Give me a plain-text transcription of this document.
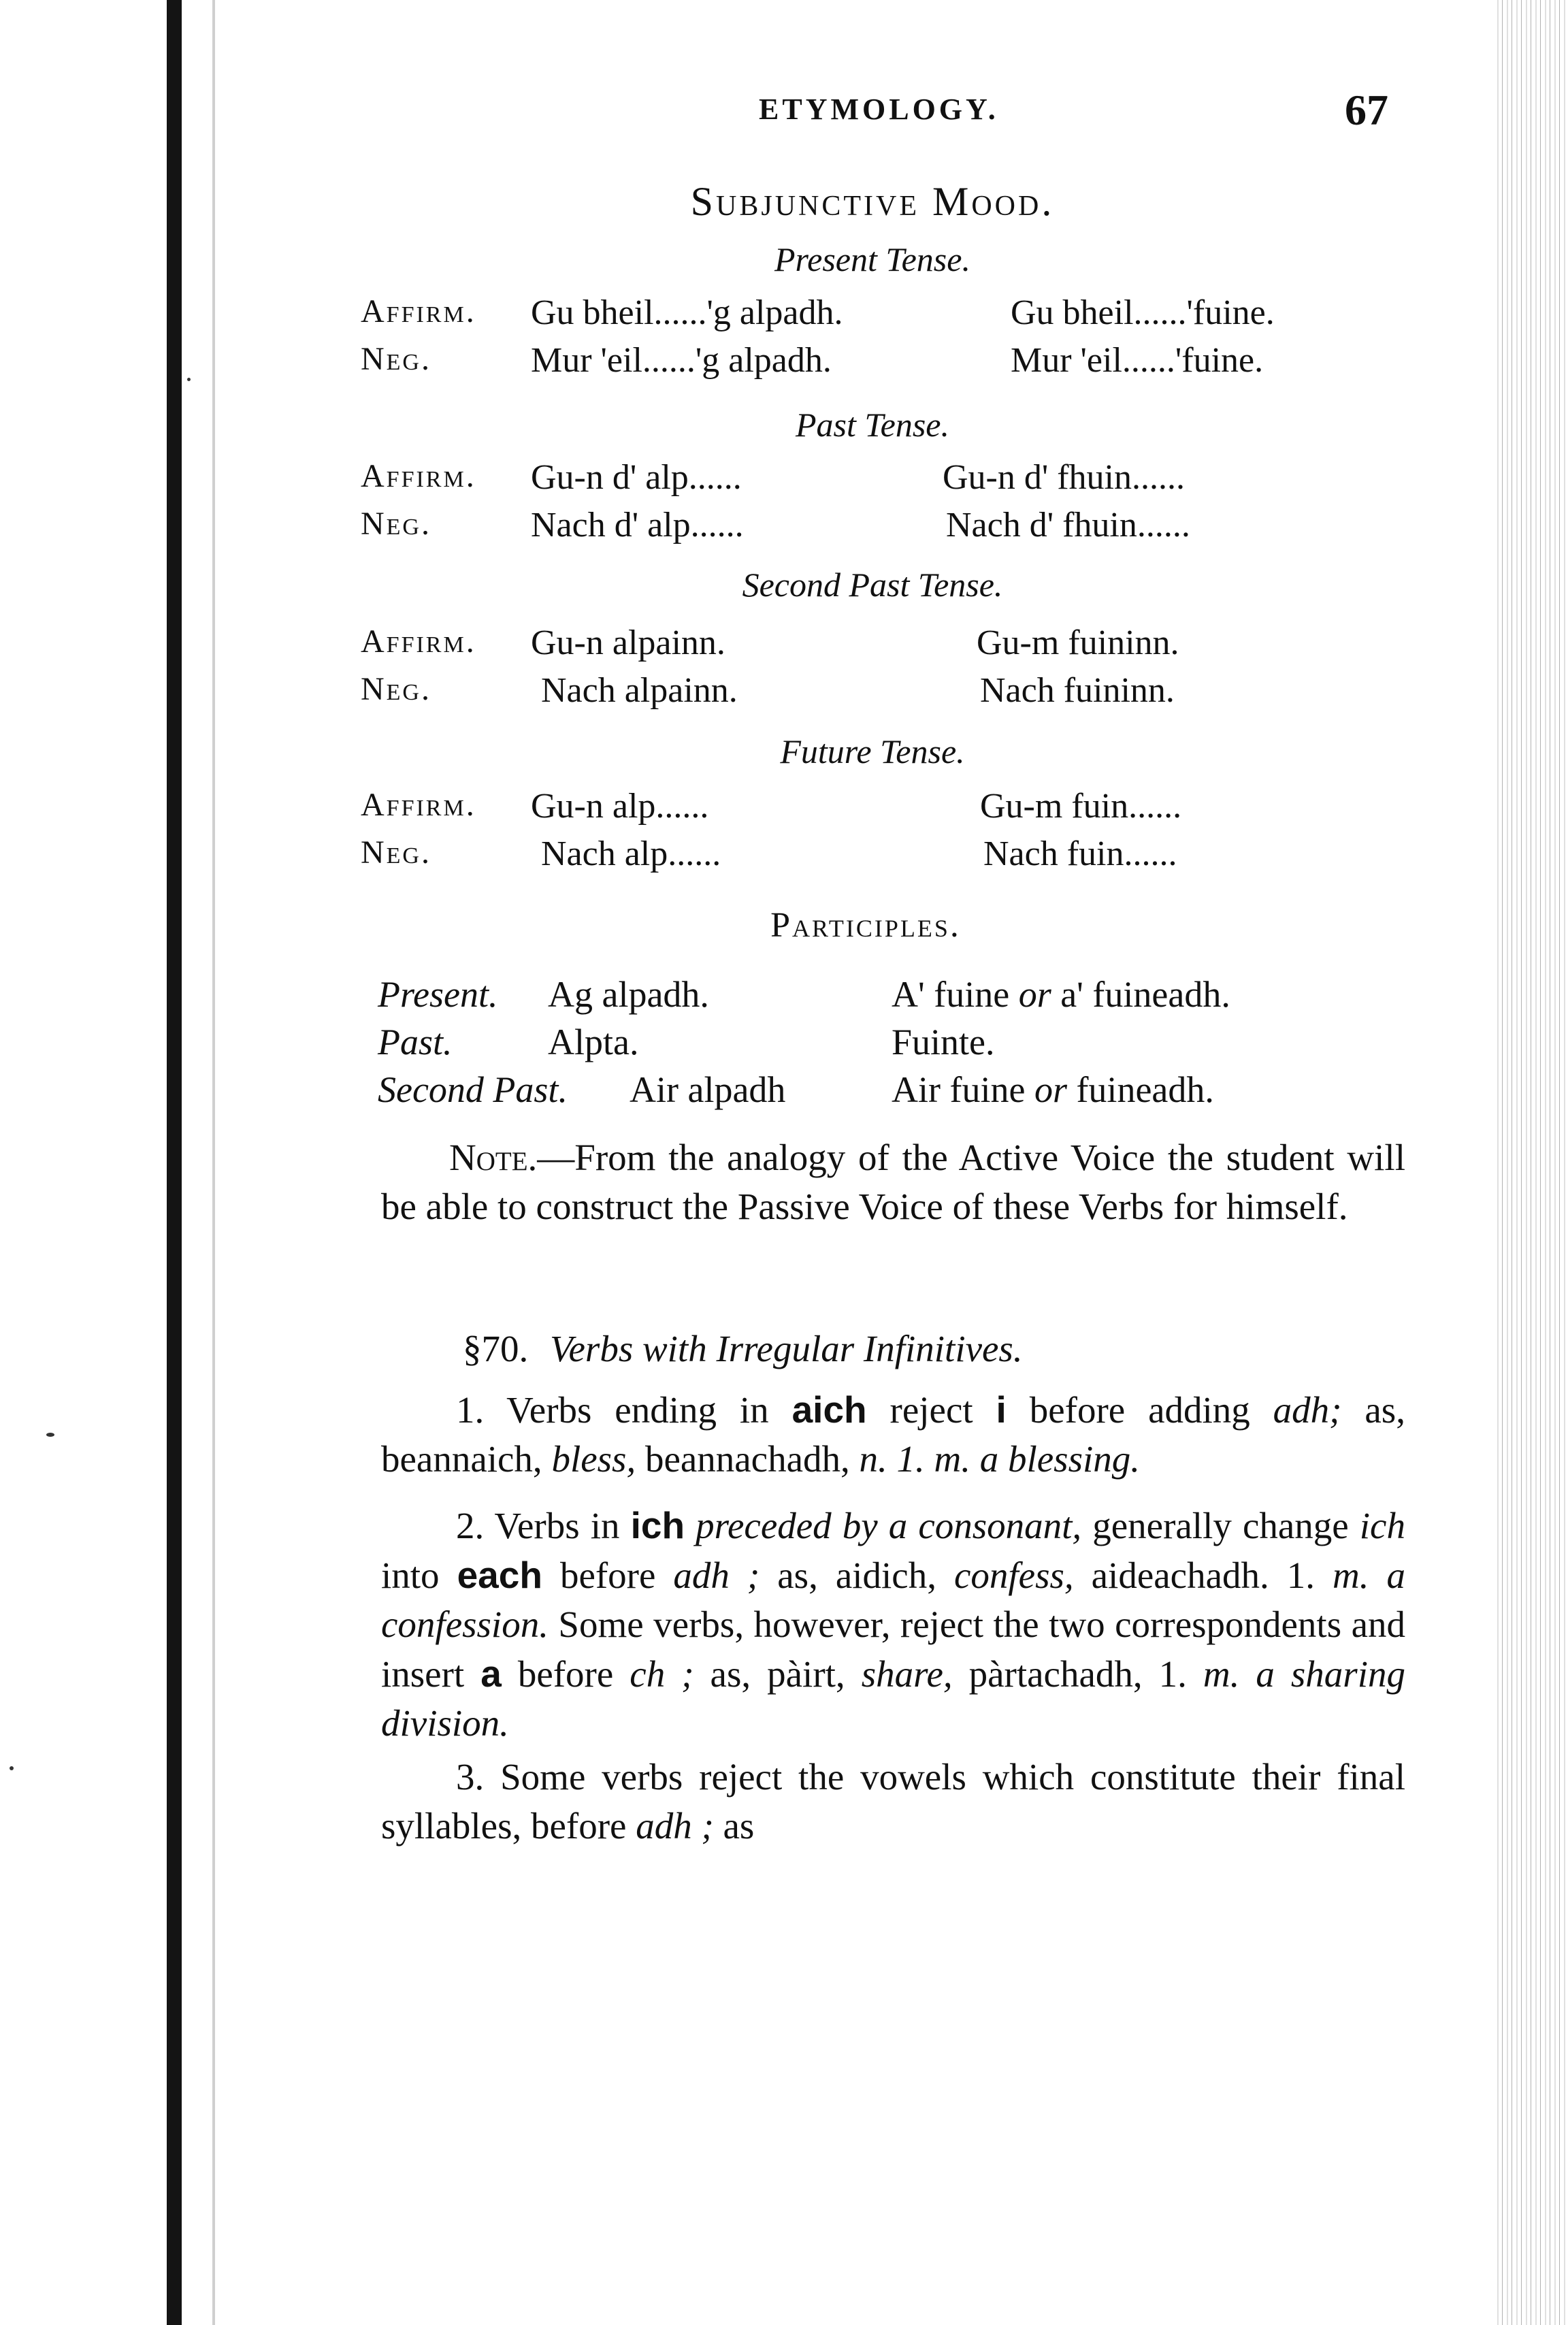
ETYMOLOGY.	67
Subjunctive Mood.
Present Tense.
Affirm. Gu bheil......'g alpadh.	Gu bheil......'fuine.
Neg.	Mur 'eil......'g alpadh.	Mur 'eil......'fuine.
Past Tense.
Affirm. Gu-n d' alp......	Gu-n d' fhuin......
Neg.	Nach d' alp......	Nach d' fhuin......
Second Past Tense.
Affirm. Gu-n alpainn.	Gu-m fuininn.
Neg.	Nach alpainn.	Nach fuininn.
Future Tense.
Affirm. Gu-n alp......	Gu-m fuin......
Neg.	Nach alp......	Nach fuin......
Participles.
Present. Ag alpadh.	A' fuine or a' fuineadh.
Past.	Alpta.	Fuinte.
Second Past. Air alpadh	Air fuine or fuineadh.
Note.—From the analogy of the Active Voice the student will be able to construct the Passive Voice of these Verbs for himself.
§70. Verbs with Irregular Infinitives.
1. Verbs ending in aich reject i before adding adh; as, beannaich, bless, beannachadh, n. 1. m. a blessing.
2. Verbs in ich preceded by a consonant, generally change ich into each before adh ; as, aidich, confess, aideachadh. 1. m. a confession. Some verbs, however, reject the two correspondents and insert a before ch ; as, pàirt, share, pàrtachadh, 1. m. a sharing division.
3. Some verbs reject the vowels which constitute their final syllables, before adh ; as
